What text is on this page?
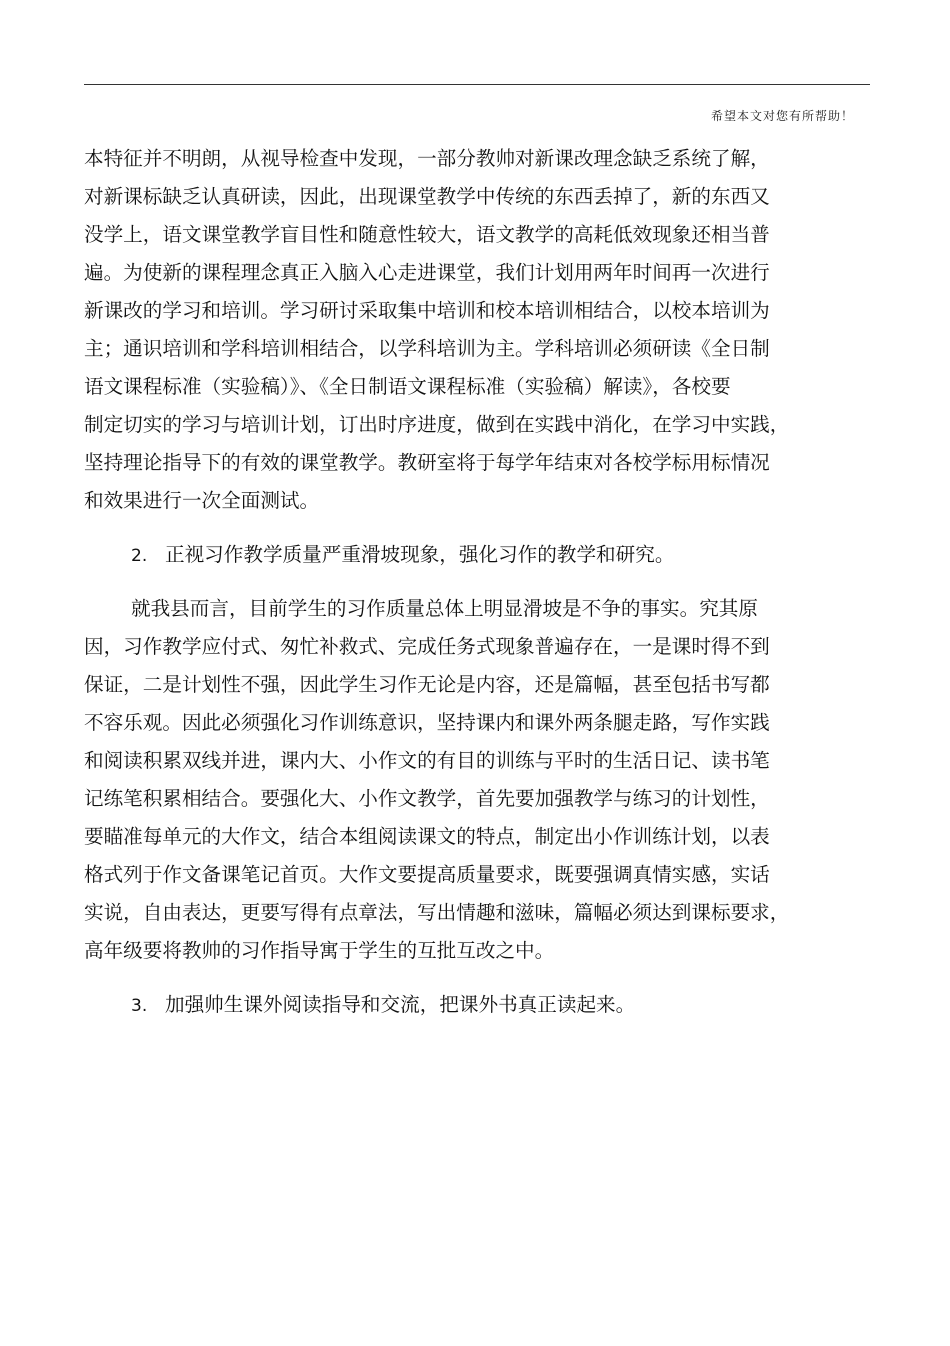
希望本文对您有所帮助！
本特征并不明朗，从视导检查中发现，一部分教帅对新课改理念缺乏系统了解，
对新课标缺乏认真研读，因此，出现课堂教学中传统的东西丢掉了，新的东西又
没学上，语文课堂教学盲目性和随意性较大，语文教学的高耗低效现象还相当普
遍。为使新的课程理念真正入脑入心走进课堂，我们计划用两年时间再一次进行
新课改的学习和培训。学习研讨采取集中培训和校本培训相结合，以校本培训为
主；通识培训和学科培训相结合，以学科培训为主。学科培训必须研读《全日制
语文课程标准（实验稿）》、《全日制语文课程标准（实验稿）解读》，各校要
制定切实的学习与培训计划，订出时序进度，做到在实践中消化，在学习中实践，
坚持理论指导下的有效的课堂教学。教研室将于每学年结束对各校学标用标情况
和效果进行一次全面测试。
2. 正视习作教学质量严重滑坡现象，强化习作的教学和研究。
就我县而言，目前学生的习作质量总体上明显滑坡是不争的事实。究其原
因，习作教学应付式、匆忙补救式、完成任务式现象普遍存在，一是课时得不到
保证，二是计划性不强，因此学生习作无论是内容，还是篇幅，甚至包括书写都
不容乐观。因此必须强化习作训练意识，坚持课内和课外两条腿走路，写作实践
和阅读积累双线并进，课内大、小作文的有目的训练与平时的生活日记、读书笔
记练笔积累相结合。要强化大、小作文教学，首先要加强教学与练习的计划性，
要瞄准每单元的大作文，结合本组阅读课文的特点，制定出小作训练计划，以表
格式列于作文备课笔记首页。大作文要提高质量要求，既要强调真情实感，实话
实说，自由表达，更要写得有点章法，写出情趣和滋味，篇幅必须达到课标要求，
高年级要将教帅的习作指导寓于学生的互批互改之中。
3. 加强帅生课外阅读指导和交流，把课外书真正读起来。
